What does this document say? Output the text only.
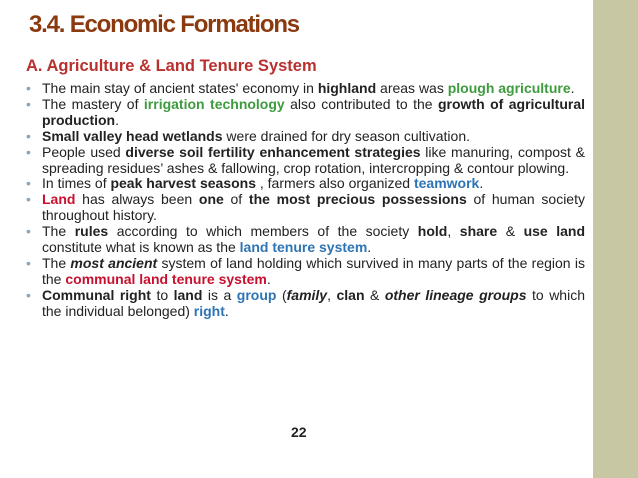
3.4. Economic Formations
A. Agriculture & Land Tenure System
• The main stay of ancient states' economy in highland areas was plough agriculture.
• The mastery of irrigation technology also contributed to the growth of agricultural production.
• Small valley head wetlands were drained for dry season cultivation.
• People used diverse soil fertility enhancement strategies like manuring, compost & spreading residues’ ashes & fallowing, crop rotation, intercropping & contour plowing.
• In times of peak harvest seasons , farmers also organized teamwork.
• Land has always been one of the most precious possessions of human society throughout history.
• The rules according to which members of the society hold, share & use land constitute what is known as the land tenure system.
• The most ancient system of land holding which survived in many parts of the region is the communal land tenure system.
• Communal right to land is a group (family, clan & other lineage groups to which the individual belonged) right.
22
